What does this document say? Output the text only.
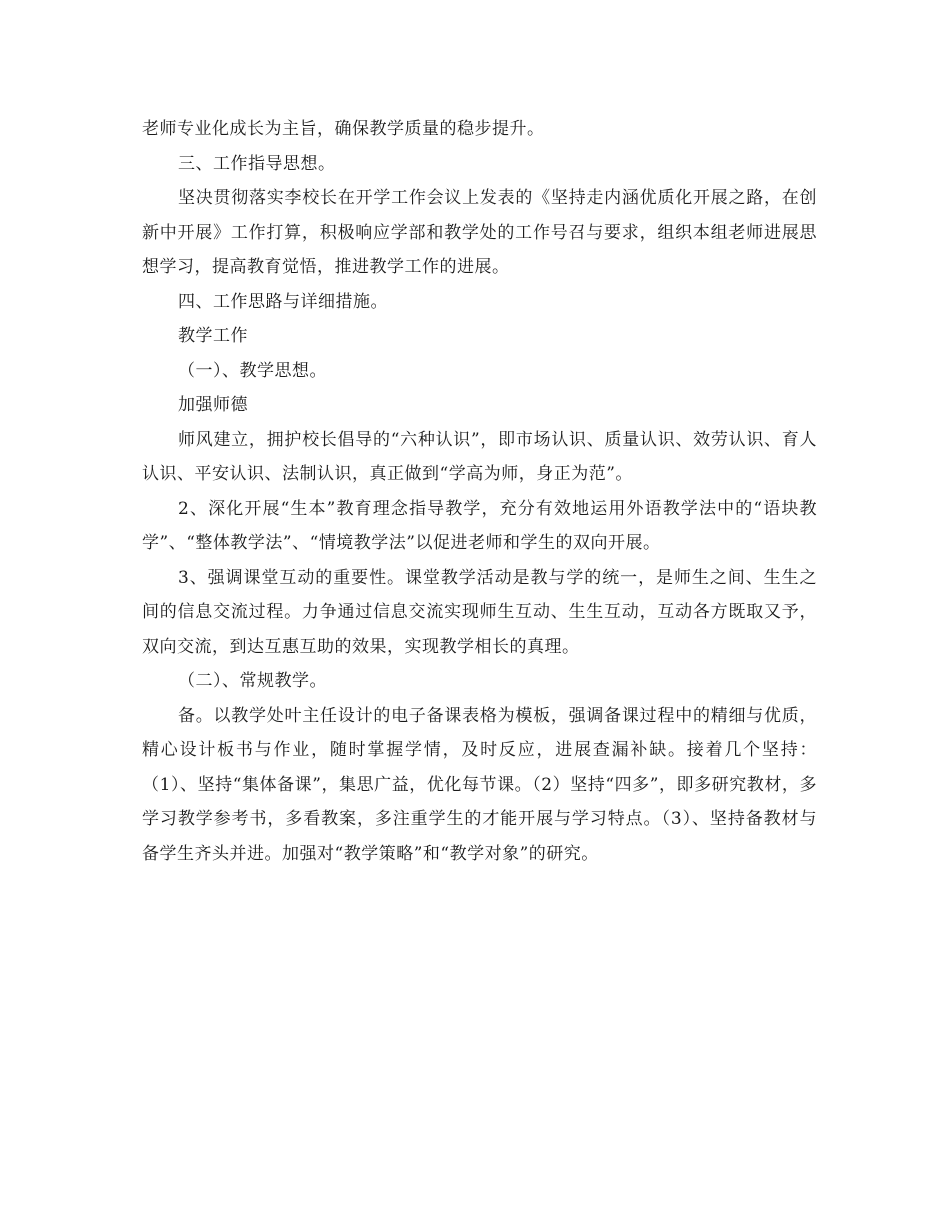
老师专业化成长为主旨，确保教学质量的稳步提升。

三、工作指导思想。

坚决贯彻落实李校长在开学工作会议上发表的《坚持走内涵优质化开展之路，在创新中开展》工作打算，积极响应学部和教学处的工作号召与要求，组织本组老师进展思想学习，提高教育觉悟，推进教学工作的进展。

四、工作思路与详细措施。

教学工作

（一）、教学思想。

加强师德

师风建立，拥护校长倡导的“六种认识”，即市场认识、质量认识、效劳认识、育人认识、平安认识、法制认识，真正做到“学高为师，身正为范”。

2、深化开展“生本”教育理念指导教学，充分有效地运用外语教学法中的“语块教学”、“整体教学法”、“情境教学法”以促进老师和学生的双向开展。

3、强调课堂互动的重要性。课堂教学活动是教与学的统一，是师生之间、生生之间的信息交流过程。力争通过信息交流实现师生互动、生生互动，互动各方既取又予，双向交流，到达互惠互助的效果，实现教学相长的真理。

（二）、常规教学。

备。以教学处叶主任设计的电子备课表格为模板，强调备课过程中的精细与优质，精心设计板书与作业，随时掌握学情，及时反应，进展查漏补缺。接着几个坚持：（1）、坚持“集体备课”，集思广益，优化每节课。（2）坚持“四多”，即多研究教材，多学习教学参考书，多看教案，多注重学生的才能开展与学习特点。（3）、坚持备教材与备学生齐头并进。加强对“教学策略”和“教学对象”的研究。
